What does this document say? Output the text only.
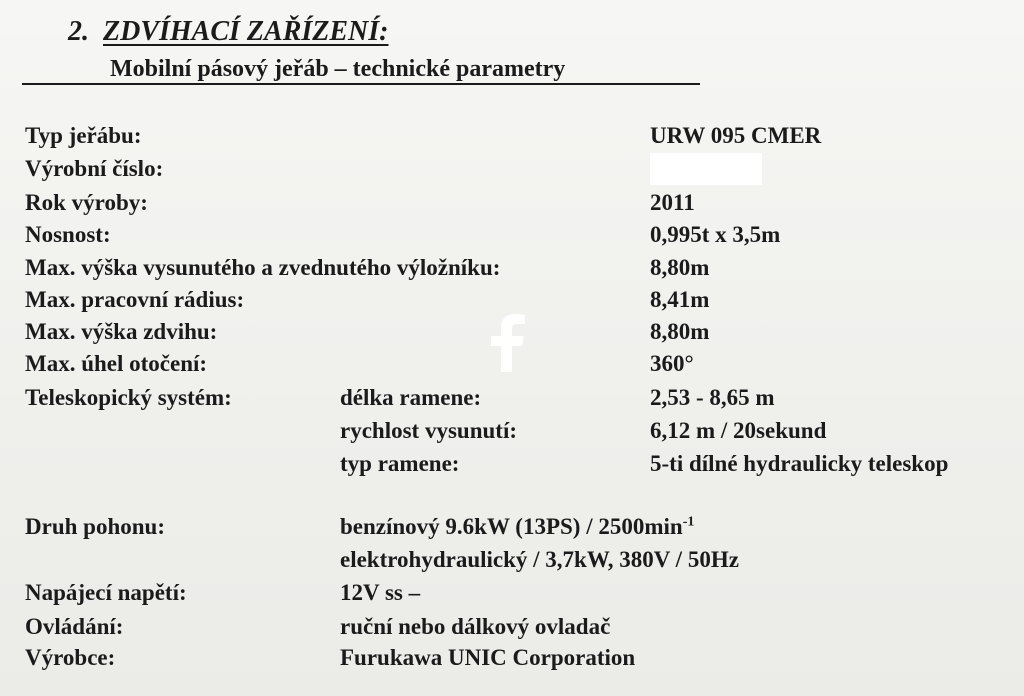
2. ZDVÍHACÍ ZAŘÍZENÍ:
Mobilní pásový jeřáb – technické parametry
Typ jeřábu:	URW 095 CMER
Výrobní číslo:
Rok výroby:	2011
Nosnost:	0,995t x 3,5m
Max. výška vysunutého a zvednutého výložníku:	8,80m
Max. pracovní rádius:	8,41m
Max. výška zdvihu:	8,80m
Max. úhel otočení:	360°
Teleskopický systém:	délka ramene:	2,53 - 8,65 m
rychlost vysunutí:	6,12 m / 20sekund
typ ramene:	5-ti dílné hydraulicky teleskop
Druh pohonu:	benzínový 9.6kW $(13PS) / 2500\min^{-1}$
elektrohydraulický / 3,7kW, 380V / 50Hz
Napájecí napětí:	12V ss –
Ovládání:	ruční nebo dálkový ovladač
Výrobce:	Furukawa UNIC Corporation
